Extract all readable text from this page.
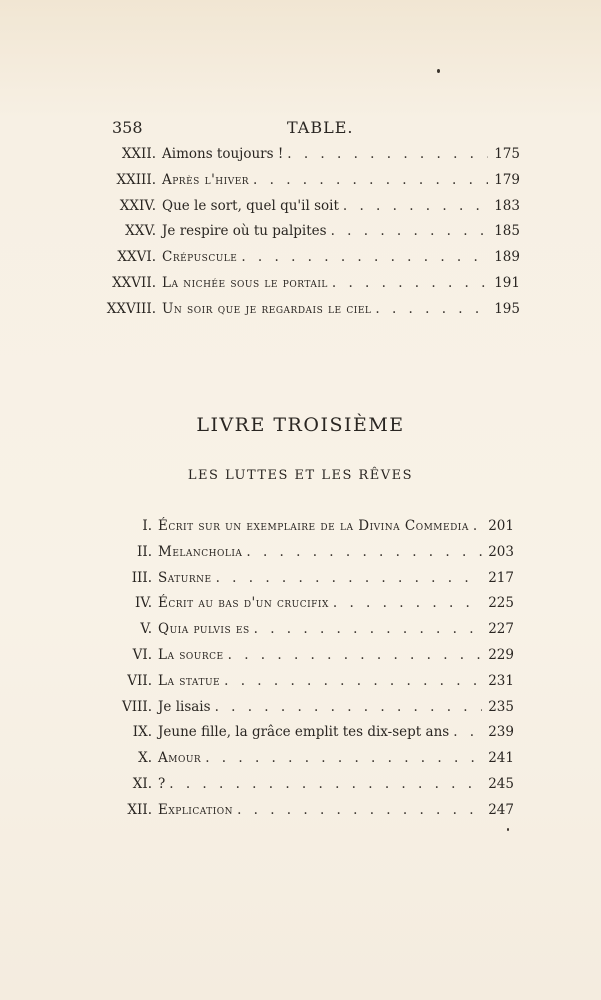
358	TABLE.
XXII. Aimons toujours ! . . .	175
XXIII. Après l'hiver . . .	179
XXIV. Que le sort, quel qu'il soit . . .	183
XXV. Je respire où tu palpites . . .	185
XXVI. Crépuscule . . .	189
XXVII. La nichée sous le portail . . .	191
XXVIII. Un soir que je regardais le ciel . . .	195
LIVRE TROISIÈME
LES LUTTES ET LES RÊVES
I. Écrit sur un exemplaire de la Divina Commedia . . . 201
II. Melancholia . . .	203
III. Saturne . . .	217
IV. Écrit au bas d'un crucifix . . .	225
V. Quia pulvis es . . .	227
VI. La source . . .	229
VII. La statue . . .	231
VIII. Je lisais . . .	235
IX. Jeune fille, la grâce emplit tes dix-sept ans . . .	239
X. Amour . . .	241
XI. ? . . .	245
XII. Explication . . .	247
